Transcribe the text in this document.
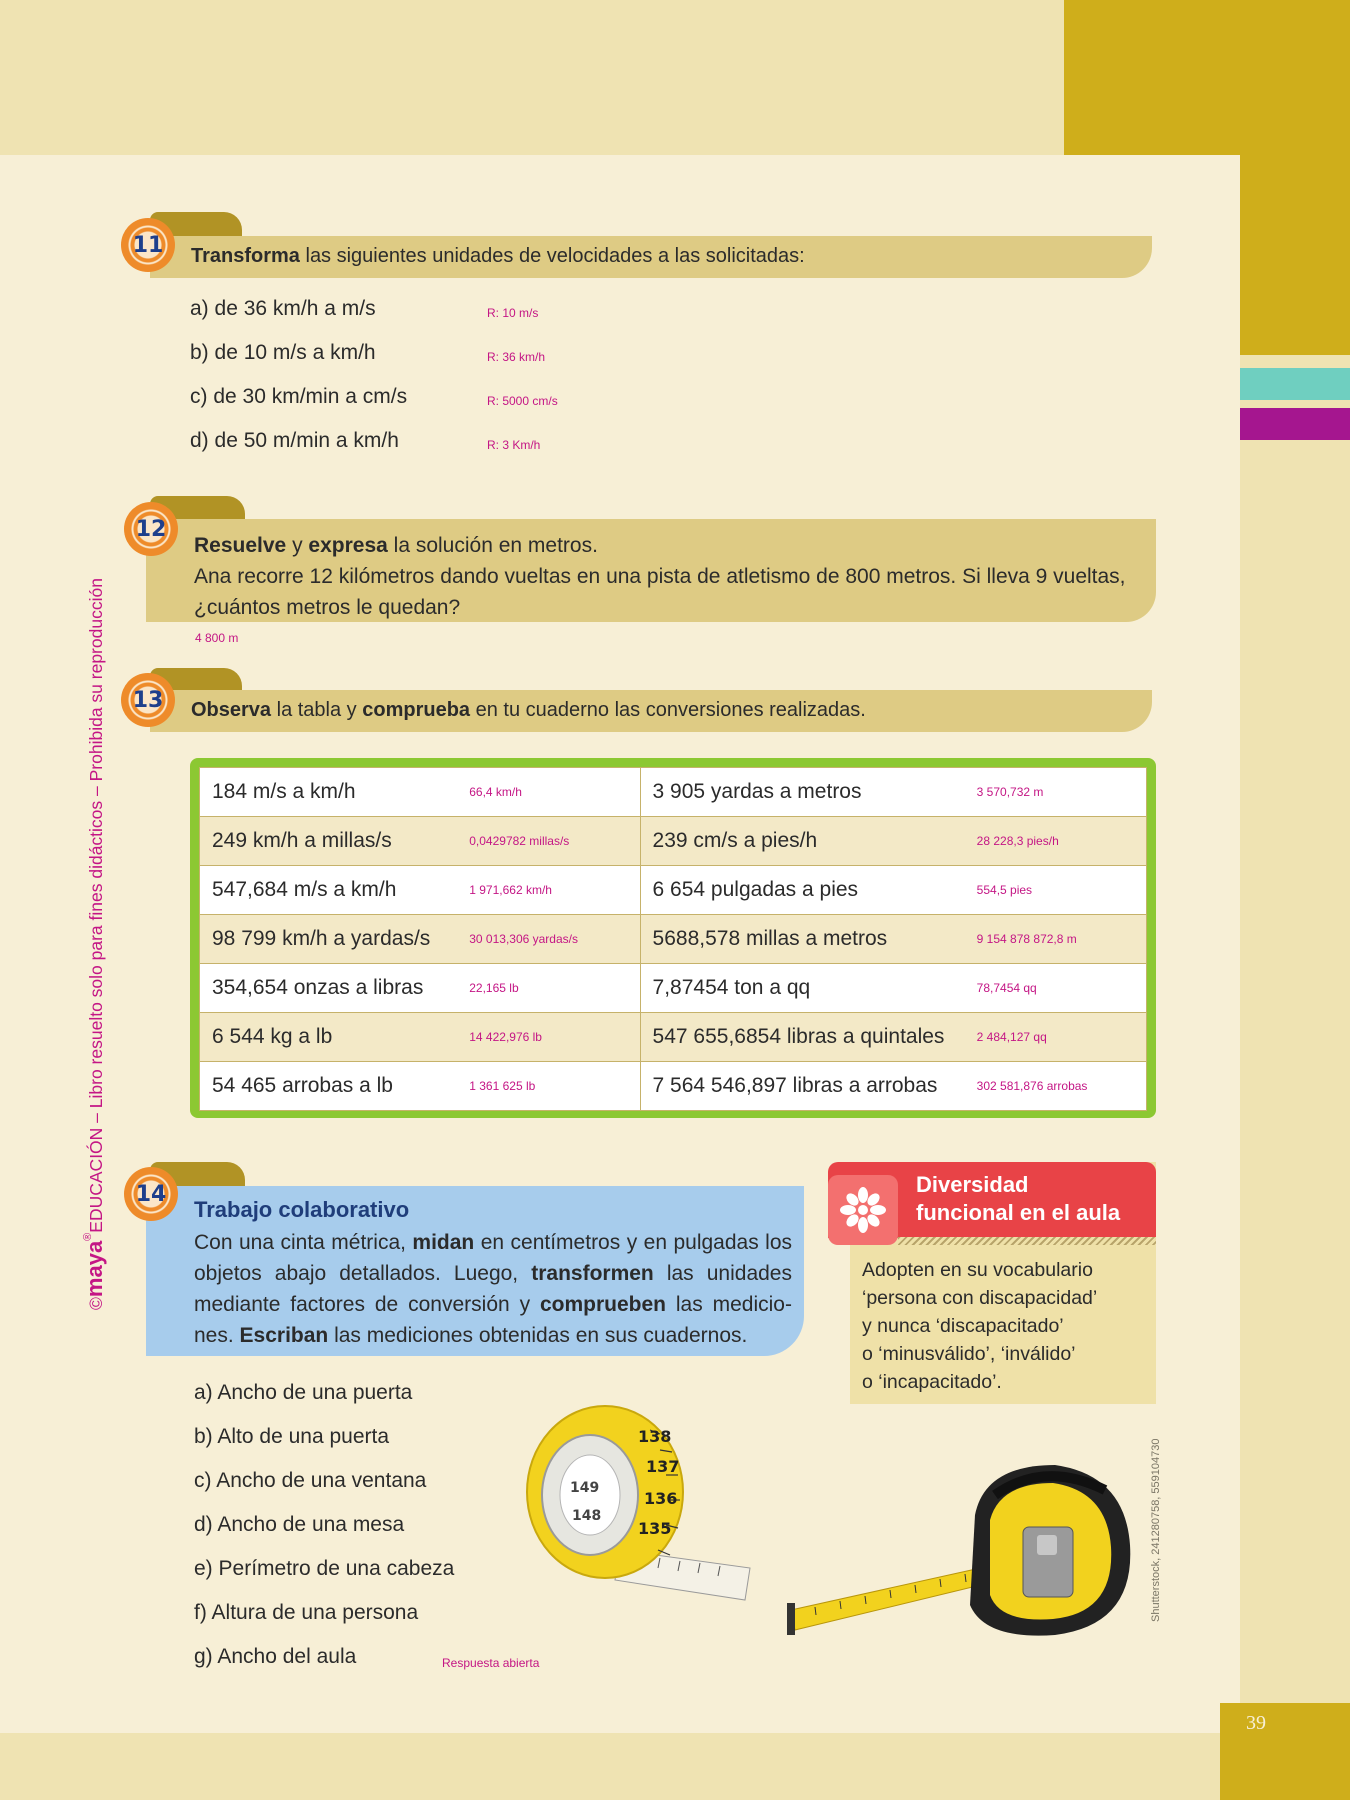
39
©maya®EDUCACIÓN – Libro resuelto solo para fines didácticos – Prohibida su reproducción
11	Transforma las siguientes unidades de velocidades a las solicitadas:
a) de 36 km/h a m/s	R: 10 m/s
b) de 10 m/s a km/h	R: 36 km/h
c) de 30 km/min a cm/s	R: 5000 cm/s
d) de 50 m/min a km/h	R: 3 Km/h
12
Resuelve y expresa la solución en metros.
Ana recorre 12 kilómetros dando vueltas en una pista de atletismo de 800 metros. Si lleva 9 vueltas,
¿cuántos metros le quedan?
4 800 m
13	Observa la tabla y comprueba en tu cuaderno las conversiones realizadas.
184 m/s a km/h	66,4 km/h	3 905 yardas a metros	3 570,732 m
249 km/h a millas/s	0,0429782 millas/s	239 cm/s a pies/h	28 228,3 pies/h
547,684 m/s a km/h	1 971,662 km/h	6 654 pulgadas a pies	554,5 pies
98 799 km/h a yardas/s	30 013,306 yardas/s	5688,578 millas a metros	9 154 878 872,8 m
354,654 onzas a libras	22,165 lb	7,87454 ton a qq	78,7454 qq
6 544 kg a lb	14 422,976 lb	547 655,6854 libras a quintales	2 484,127 qq
54 465 arrobas a lb	1 361 625 lb	7 564 546,897 libras a arrobas	302 581,876 arrobas
14
Trabajo colaborativo
Con una cinta métrica, midan en centímetros y en pulgadas los objetos abajo detallados. Luego, transformen las unidades mediante factores de conversión y comprueben las mediciones. Escriban las mediciones obtenidas en sus cuadernos.
a) Ancho de una puerta
b) Alto de una puerta
c) Ancho de una ventana
d) Ancho de una mesa
e) Perímetro de una cabeza
f) Altura de una persona
g) Ancho del aula	Respuesta abierta
Diversidad
funcional en el aula
Adopten en su vocabulario
‘persona con discapacidad’
y nunca ‘discapacitado’
o ‘minusválido’, ‘inválido’
o ‘incapacitado’.
138
137
136
135
149
148	Shutterstock, 241280758, 559104730
